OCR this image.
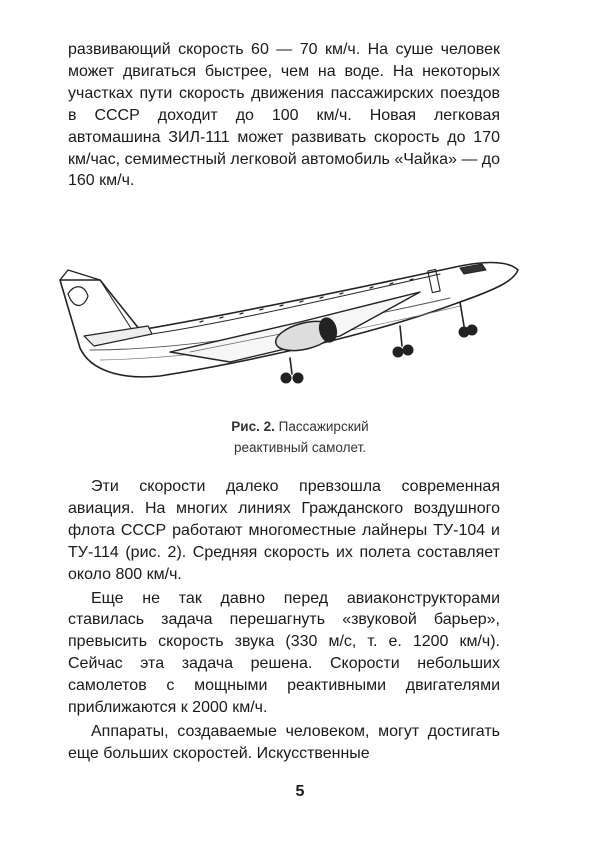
развивающий скорость 60 — 70 км/ч. На суше человек может двигаться быстрее, чем на воде. На некоторых участках пути скорость движения пассажирских поездов в СССР доходит до 100 км/ч. Новая легковая автомашина ЗИЛ-111 может развивать скорость до 170 км/час, семиместный легковой автомобиль «Чайка» — до 160 км/ч.

Рис. 2. Пассажирский
реактивный самолет.

Эти скорости далеко превзошла современная авиация. На многих линиях Гражданского воздушного флота СССР работают многоместные лайнеры ТУ-104 и ТУ-114 (рис. 2). Средняя скорость их полета составляет около 800 км/ч.

Еще не так давно перед авиаконструкторами ставилась задача перешагнуть «звуковой барьер», превысить скорость звука (330 м/с, т. е. 1200 км/ч). Сейчас эта задача решена. Скорости небольших самолетов с мощными реактивными двигателями приближаются к 2000 км/ч.

Аппараты, создаваемые человеком, могут достигать еще больших скоростей. Искусственные

5
